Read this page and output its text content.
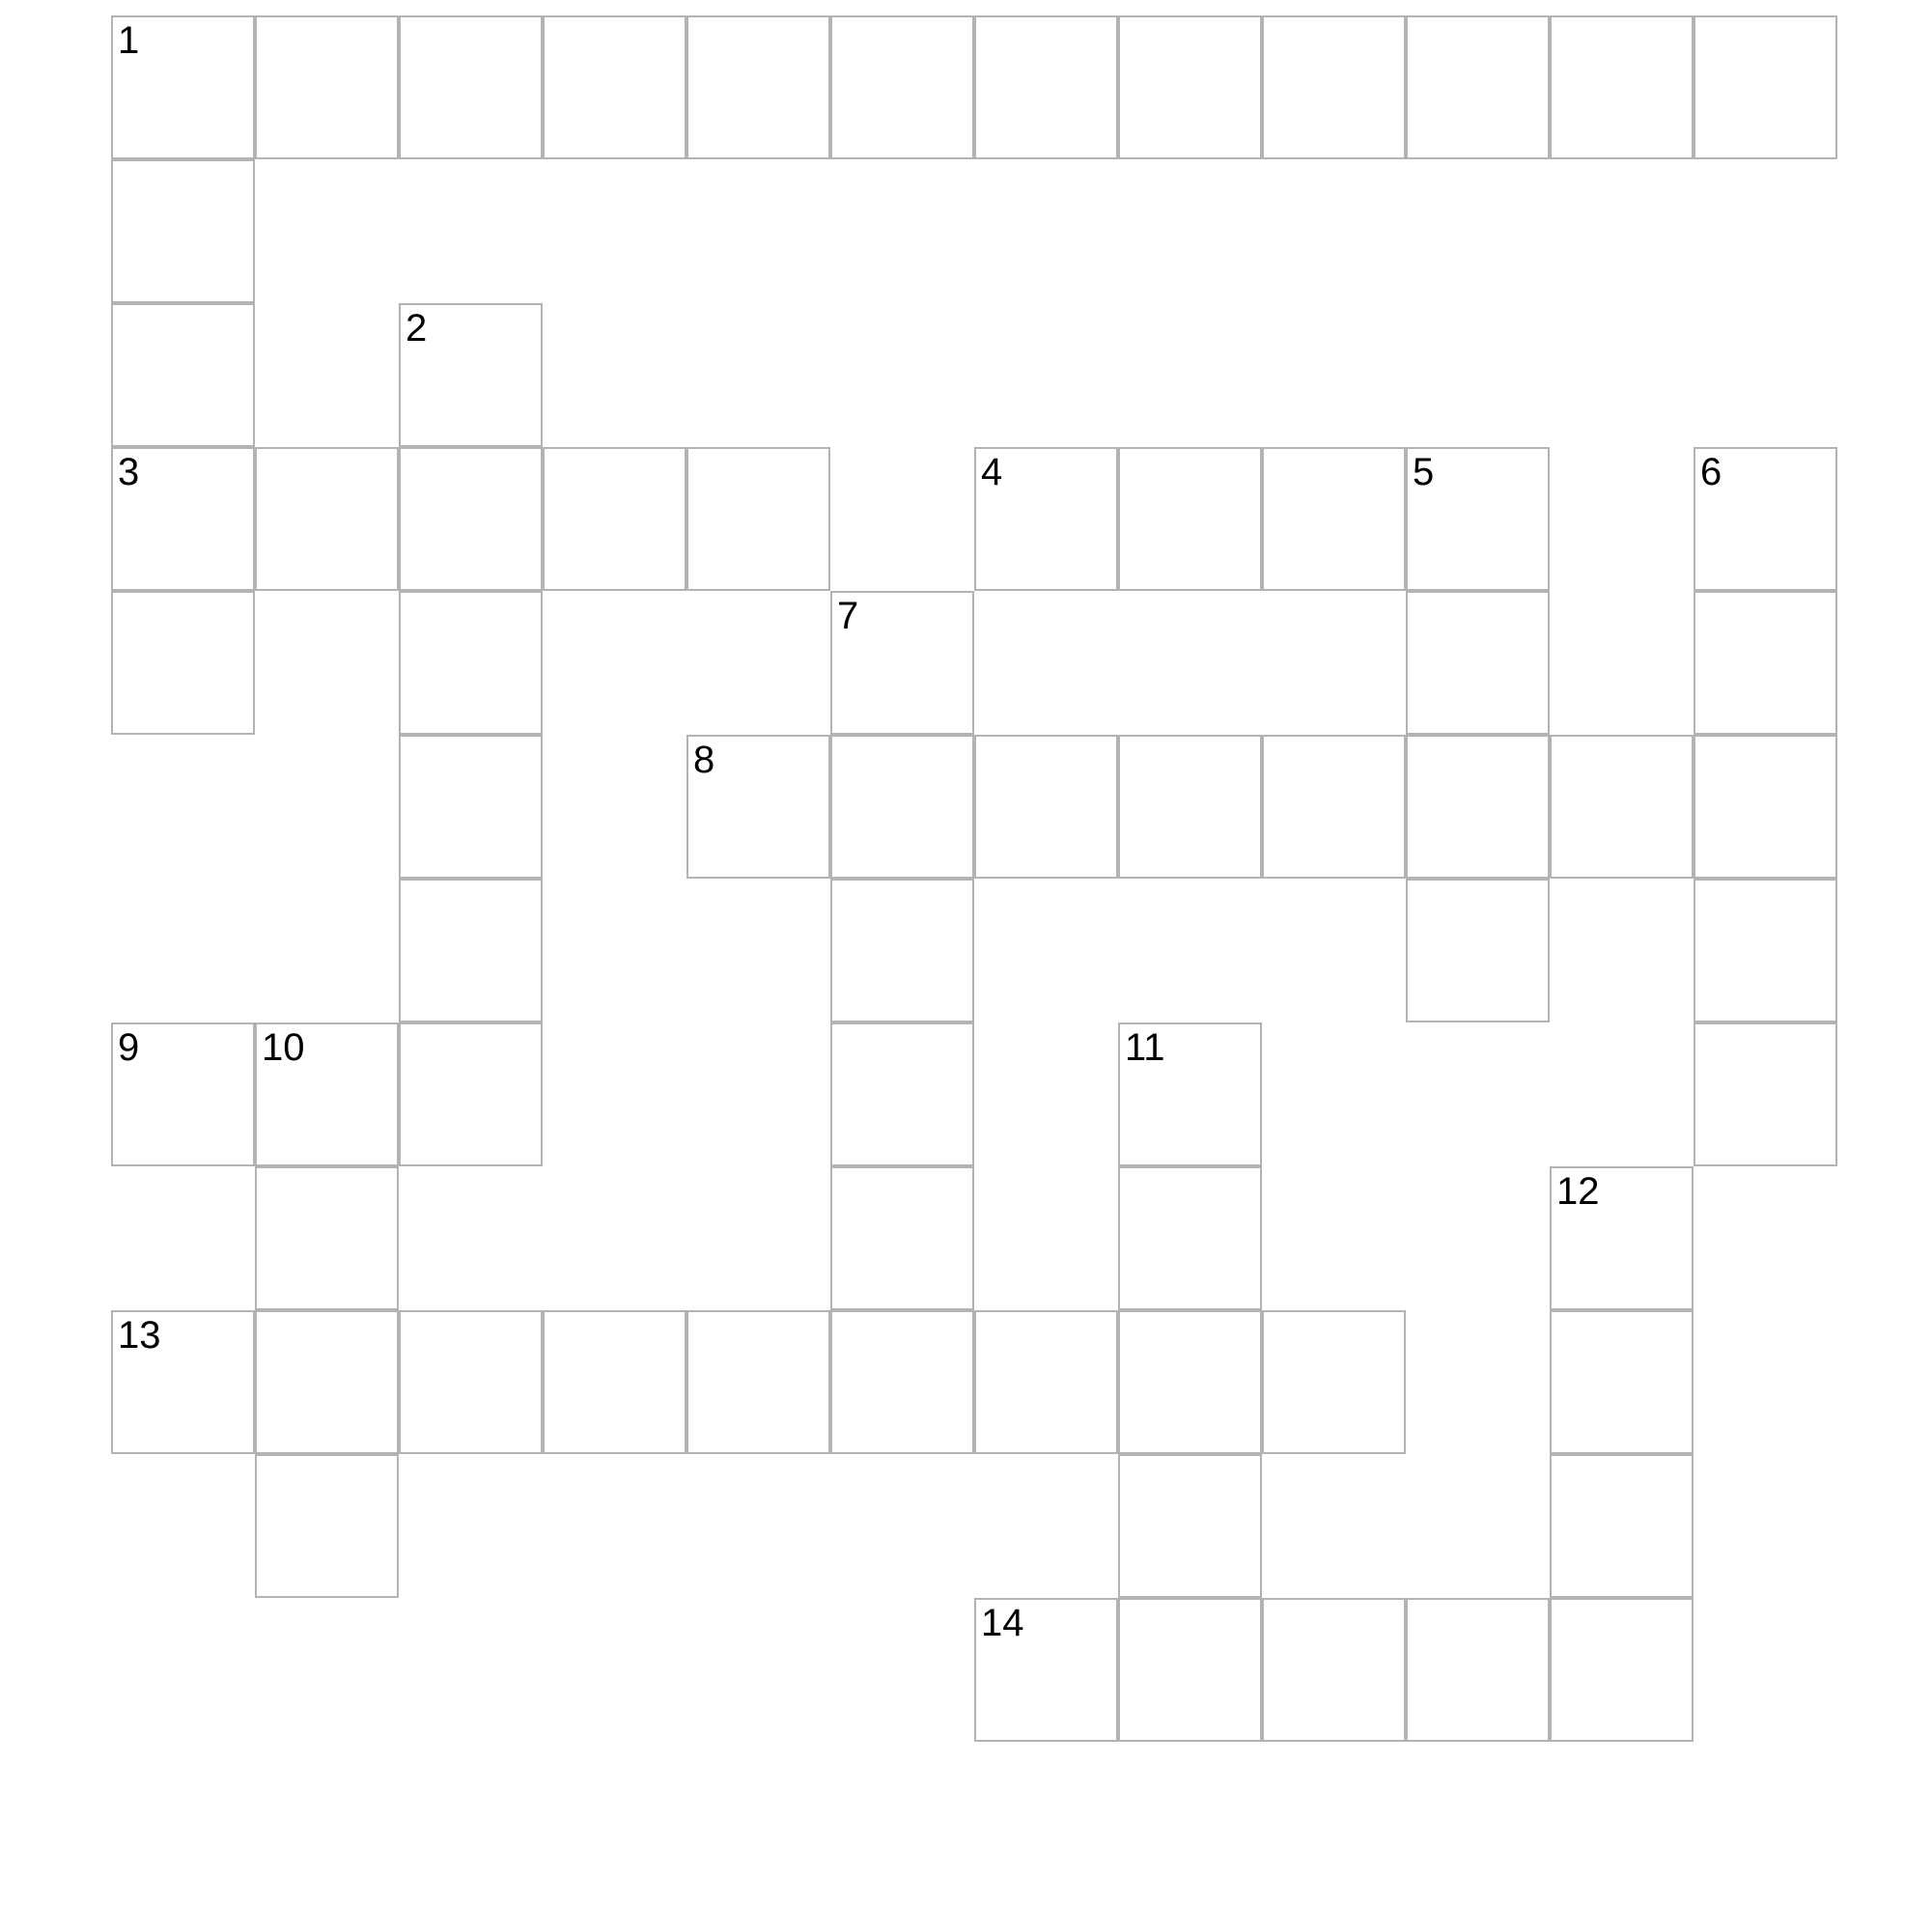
1
2
3	4	5	6
7
8
9	10	11
12
13
14
